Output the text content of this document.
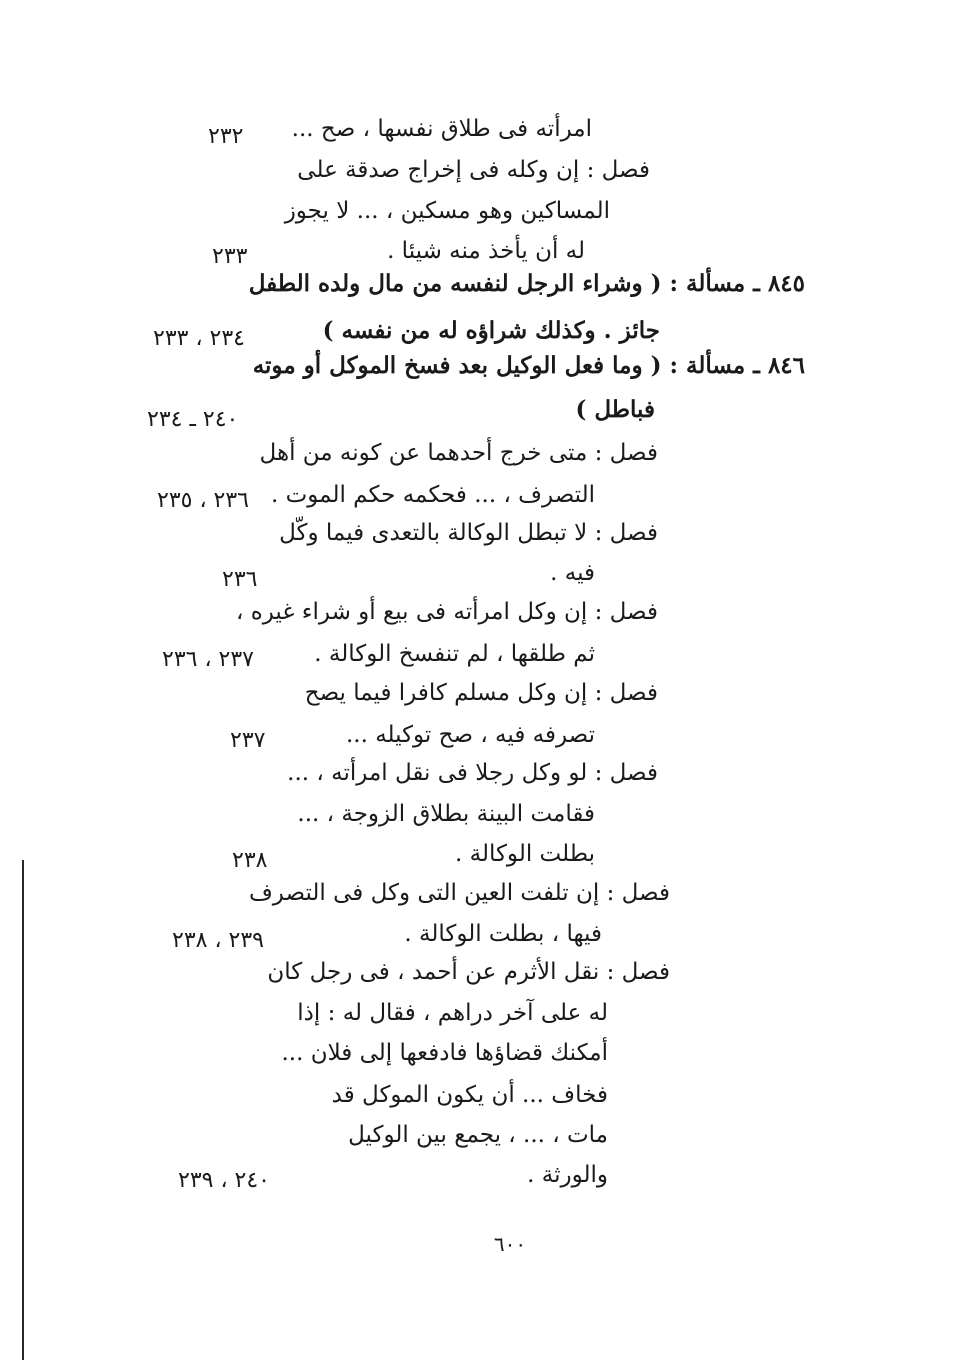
امرأته فى طلاق نفسها ، صح ...
فصل : إن وكله فى إخراج صدقة على
المساكين وهو مسكين ، ... لا يجوز
له أن يأخذ منه شيئا .
٨٤٥ ـ مسألة : ( وشراء الرجل لنفسه من مال ولده الطفل
جائز . وكذلك شراؤه له من نفسه )
٨٤٦ ـ مسألة : ( وما فعل الوكيل بعد فسخ الموكل أو موته
فباطل )
فصل : متى خرج أحدهما عن كونه من أهل
التصرف ، ... فحكمه حكم الموت .
فصل : لا تبطل الوكالة بالتعدى فيما وكّل
فيه .
فصل : إن وكل امرأته فى بيع أو شراء غيره ،
ثم طلقها ، لم تنفسخ الوكالة .
فصل : إن وكل مسلم كافرا فيما يصح
تصرفه فيه ، صح توكيله ...
فصل : لو وكل رجلا فى نقل امرأته ، ...
فقامت البينة بطلاق الزوجة ، ...
بطلت الوكالة .
فصل : إن تلفت العين التى وكل فى التصرف
فيها ، بطلت الوكالة .
فصل : نقل الأثرم عن أحمد ، فى رجل كان
له على آخر دراهم ، فقال له : إذا
أمكنك قضاؤها فادفعها إلى فلان ...
فخاف ... أن يكون الموكل قد
مات ، ... ، يجمع بين الوكيل
والورثة .
٢٣٢
٢٣٣
٢٣٤ ، ٢٣٣
٢٤٠ ـ ٢٣٤
٢٣٦ ، ٢٣٥
٢٣٦
٢٣٧ ، ٢٣٦
٢٣٧
٢٣٨
٢٣٩ ، ٢٣٨
٢٤٠ ، ٢٣٩
٦٠٠
